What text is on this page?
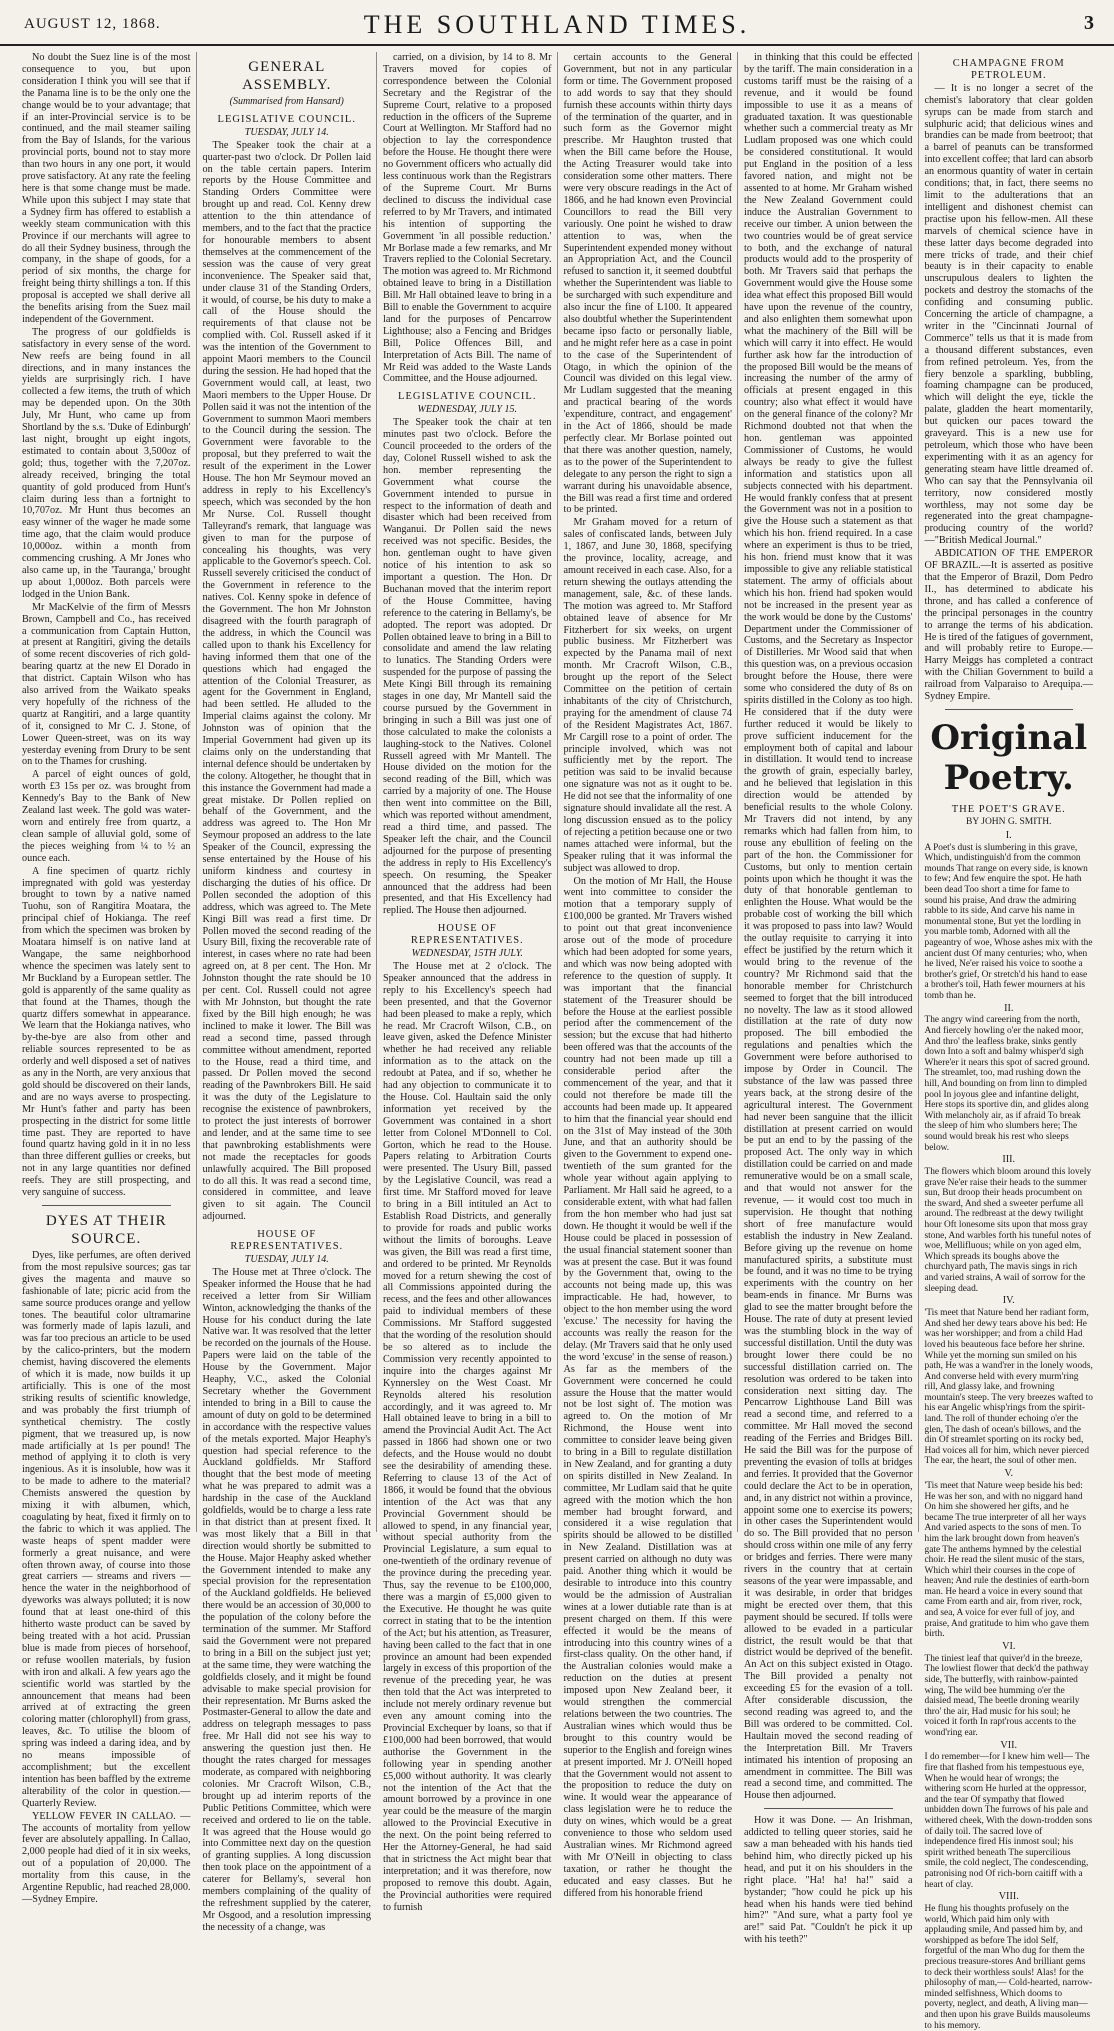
AUGUST 12, 1868.	THE SOUTHLAND TIMES.	3

No doubt the Suez line is of the most consequence to you, but upon consideration I think you will see that if the Panama line is to be the only one the change would be to your advantage; that if an inter-Provincial service is to be continued, and the mail steamer sailing from the Bay of Islands, for the various provincial ports, bound not to stay more than two hours in any one port, it would prove satisfactory. At any rate the feeling here is that some change must be made. While upon this subject I may state that a Sydney firm has offered to establish a weekly steam communication with this Province if our merchants will agree to do all their Sydney business, through the company, in the shape of goods, for a period of six months, the charge for freight being thirty shillings a ton. If this proposal is accepted we shall derive all the benefits arising from the Suez mail independent of the Government.

The progress of our goldfields is satisfactory in every sense of the word. New reefs are being found in all directions, and in many instances the yields are surprisingly rich. I have collected a few items, the truth of which may be depended upon. On the 30th July, Mr Hunt, who came up from Shortland by the s.s. 'Duke of Edinburgh' last night, brought up eight ingots, estimated to contain about 3,500oz of gold; thus, together with the 7,207oz. already received, bringing the total quantity of gold produced from Hunt's claim during less than a fortnight to 10,707oz. Mr Hunt thus becomes an easy winner of the wager he made some time ago, that the claim would produce 10,000oz. within a month from commencing crushing. A Mr Jones who also came up, in the 'Tauranga,' brought up about 1,000oz. Both parcels were lodged in the Union Bank.

Mr MacKelvie of the firm of Messrs Brown, Campbell and Co., has received a communication from Captain Hutton, at present at Rangitiri, giving the details of some recent discoveries of rich gold-bearing quartz at the new El Dorado in that district. Captain Wilson who has also arrived from the Waikato speaks very hopefully of the richness of the quartz at Rangitiri, and a large quantity of it, consigned to Mr C. J. Stone, of Lower Queen-street, was on its way yesterday evening from Drury to be sent on to the Thames for crushing.

A parcel of eight ounces of gold, worth £3 15s per oz. was brought from Kennedy's Bay to the Bank of New Zealand last week. The gold was water-worn and entirely free from quartz, a clean sample of alluvial gold, some of the pieces weighing from ¼ to ½ an ounce each.

A fine specimen of quartz richly impregnated with gold was yesterday brought to town by a native named Tuohu, son of Rangitira Moatara, the principal chief of Hokianga. The reef from which the specimen was broken by Moatara himself is on native land at Wangape, the same neighborhood whence the specimen was lately sent to Mr Buckland by a European settler. The gold is apparently of the same quality as that found at the Thames, though the quartz differs somewhat in appearance. We learn that the Hokianga natives, who by-the-bye are also from other and reliable sources represented to be as orderly and well disposed a set of natives as any in the North, are very anxious that gold should be discovered on their lands, and are no ways averse to prospecting. Mr Hunt's father and party has been prospecting in the district for some little time past. They are reported to have found quartz having gold in it in no less than three different gullies or creeks, but not in any large quantities nor defined reefs. They are still prospecting, and very sanguine of success.

DYES AT THEIR SOURCE.

Dyes, like perfumes, are often derived from the most repulsive sources; gas tar gives the magenta and mauve so fashionable of late; picric acid from the same source produces orange and yellow tones. The beautiful color ultramarine was formerly made of lapis lazuli, and was far too precious an article to be used by the calico-printers, but the modern chemist, having discovered the elements of which it is made, now builds it up artificially. This is one of the most striking results of scientific knowledge, and was probably the first triumph of synthetical chemistry. The costly pigment, that we treasured up, is now made artificially at 1s per pound! The method of applying it to cloth is very ingenious. As it is insoluble, how was it to be made to adhere to the material? Chemists answered the question by mixing it with albumen, which, coagulating by heat, fixed it firmly on to the fabric to which it was applied. The waste heaps of spent madder were formerly a great nuisance, and were often thrown away, of course into those great carriers — streams and rivers — hence the water in the neighborhood of dyeworks was always polluted; it is now found that at least one-third of this hitherto waste product can be saved by being treated with a hot acid. Prussian blue is made from pieces of horsehoof, or refuse woollen materials, by fusion with iron and alkali. A few years ago the scientific world was startled by the announcement that means had been arrived at of extracting the green coloring matter (chlorophyll) from grass, leaves, &c. To utilise the bloom of spring was indeed a daring idea, and by no means impossible of accomplishment; but the excellent intention has been baffled by the extreme alterability of the color in question.—Quarterly Review.

YELLOW FEVER IN CALLAO. — The accounts of mortality from yellow fever are absolutely appalling. In Callao, 2,000 people had died of it in six weeks, out of a population of 20,000. The mortality from this cause, in the Argentine Republic, had reached 28,000.—Sydney Empire.

GENERAL ASSEMBLY.

(Summarised from Hansard)

LEGISLATIVE COUNCIL.

TUESDAY, JULY 14.

The Speaker took the chair at a quarter-past two o'clock. Dr Pollen laid on the table certain papers. Interim reports by the House Committee and Standing Orders Committee were brought up and read. Col. Kenny drew attention to the thin attendance of members, and to the fact that the practice for honourable members to absent themselves at the commencement of the session was the cause of very great inconvenience. The Speaker said that, under clause 31 of the Standing Orders, it would, of course, be his duty to make a call of the House should the requirements of that clause not be complied with. Col. Russell asked if it was the intention of the Government to appoint Maori members to the Council during the session. He had hoped that the Government would call, at least, two Maori members to the Upper House. Dr Pollen said it was not the intention of the Government to summon Maori members to the Council during the session. The Government were favorable to the proposal, but they preferred to wait the result of the experiment in the Lower House. The hon Mr Seymour moved an address in reply to his Excellency's speech, which was seconded by the hon Mr Nurse. Col. Russell thought Talleyrand's remark, that language was given to man for the purpose of concealing his thoughts, was very applicable to the Governor's speech. Col. Russell severely criticised the conduct of the Government in reference to the natives. Col. Kenny spoke in defence of the Government. The hon Mr Johnston disagreed with the fourth paragraph of the address, in which the Council was called upon to thank his Excellency for having informed them that one of the questions which had engaged the attention of the Colonial Treasurer, as agent for the Government in England, had been settled. He alluded to the Imperial claims against the colony. Mr Johnston was of opinion that the Imperial Government had given up its claims only on the understanding that internal defence should be undertaken by the colony. Altogether, he thought that in this instance the Government had made a great mistake. Dr Pollen replied on behalf of the Government, and the address was agreed to. The Hon Mr Seymour proposed an address to the late Speaker of the Council, expressing the sense entertained by the House of his uniform kindness and courtesy in discharging the duties of his office. Dr Pollen seconded the adoption of this address, which was agreed to. The Mete Kingi Bill was read a first time. Dr Pollen moved the second reading of the Usury Bill, fixing the recoverable rate of interest, in cases where no rate had been agreed on, at 8 per cent. The Hon. Mr Johnston thought the rate should be 10 per cent. Col. Russell could not agree with Mr Johnston, but thought the rate fixed by the Bill high enough; he was inclined to make it lower. The Bill was read a second time, passed through committee without amendment, reported to the House, read a third time, and passed. Dr Pollen moved the second reading of the Pawnbrokers Bill. He said it was the duty of the Legislature to recognise the existence of pawnbrokers, to protect the just interests of borrower and lender, and at the same time to see that pawnbroking establishments were not made the receptacles for goods unlawfully acquired. The Bill proposed to do all this. It was read a second time, considered in committee, and leave given to sit again. The Council adjourned.

HOUSE OF REPRESENTATIVES.

TUESDAY, JULY 14.

The House met at Three o'clock. The Speaker informed the House that he had received a letter from Sir William Winton, acknowledging the thanks of the House for his conduct during the late Native war. It was resolved that the letter be recorded on the journals of the House. Papers were laid on the table of the House by the Government. Major Heaphy, V.C., asked the Colonial Secretary whether the Government intended to bring in a Bill to cause the amount of duty on gold to be determined in accordance with the respective values of the metals exported. Major Heaphy's question had special reference to the Auckland goldfields. Mr Stafford thought that the best mode of meeting what he was prepared to admit was a hardship in the case of the Auckland goldfields, would be to charge a less rate in that district than at present fixed. It was most likely that a Bill in that direction would shortly be submitted to the House. Major Heaphy asked whether the Government intended to make any special provision for the representation of the Auckland goldfields. He believed there would be an accession of 30,000 to the population of the colony before the termination of the summer. Mr Stafford said the Government were not prepared to bring in a Bill on the subject just yet; at the same time, they were watching the goldfields closely, and it might be found advisable to make special provision for their representation. Mr Burns asked the Postmaster-General to allow the date and address on telegraph messages to pass free. Mr Hall did not see his way to answering the question just then. He thought the rates charged for messages moderate, as compared with neighboring colonies. Mr Cracroft Wilson, C.B., brought up ad interim reports of the Public Petitions Committee, which were received and ordered to lie on the table. It was agreed that the House would go into Committee next day on the question of granting supplies. A long discussion then took place on the appointment of a caterer for Bellamy's, several hon members complaining of the quality of the refreshment supplied by the caterer, Mr Osgood, and a resolution impressing the necessity of a change, was

carried, on a division, by 14 to 8. Mr Travers moved for copies of correspondence between the Colonial Secretary and the Registrar of the Supreme Court, relative to a proposed reduction in the officers of the Supreme Court at Wellington. Mr Stafford had no objection to lay the correspondence before the House. He thought there were no Government officers who actually did less continuous work than the Registrars of the Supreme Court. Mr Burns declined to discuss the individual case referred to by Mr Travers, and intimated his intention of supporting the Government 'in all possible reduction.' Mr Borlase made a few remarks, and Mr Travers replied to the Colonial Secretary. The motion was agreed to. Mr Richmond obtained leave to bring in a Distillation Bill. Mr Hall obtained leave to bring in a Bill to enable the Government to acquire land for the purposes of Pencarrow Lighthouse; also a Fencing and Bridges Bill, Police Offences Bill, and Interpretation of Acts Bill. The name of Mr Reid was added to the Waste Lands Committee, and the House adjourned.

LEGISLATIVE COUNCIL.

WEDNESDAY, JULY 15.

The Speaker took the chair at ten minutes past two o'clock. Before the Council proceeded to the orders of the day, Colonel Russell wished to ask the hon. member representing the Government what course the Government intended to pursue in respect to the information of death and disaster which had been received from Wanganui. Dr Pollen said the news received was not specific. Besides, the hon. gentleman ought to have given notice of his intention to ask so important a question. The Hon. Dr Buchanan moved that the interim report of the House Committee, having reference to the catering in Bellamy's, be adopted. The report was adopted. Dr Pollen obtained leave to bring in a Bill to consolidate and amend the law relating to lunatics. The Standing Orders were suspended for the purpose of passing the Mete Kingi Bill through its remaining stages in one day, Mr Mantell said the course pursued by the Government in bringing in such a Bill was just one of those calculated to make the colonists a laughing-stock to the Natives. Colonel Russell agreed with Mr Mantell. The House divided on the motion for the second reading of the Bill, which was carried by a majority of one. The House then went into committee on the Bill, which was reported without amendment, read a third time, and passed. The Speaker left the chair, and the Council adjourned for the purpose of presenting the address in reply to His Excellency's speech. On resuming, the Speaker announced that the address had been presented, and that His Excellency had replied. The House then adjourned.

HOUSE OF REPRESENTATIVES.

WEDNESDAY, 15TH JULY.

The House met at 2 o'clock. The Speaker announced that the address in reply to his Excellency's speech had been presented, and that the Governor had been pleased to make a reply, which he read. Mr Cracroft Wilson, C.B., on leave given, asked the Defence Minister whether he had received any reliable information as to the attack on the redoubt at Patea, and if so, whether he had any objection to communicate it to the House. Col. Haultain said the only information yet received by the Government was contained in a short letter from Colonel M'Donnell to Col. Gorton, which he read to the House. Papers relating to Arbitration Courts were presented. The Usury Bill, passed by the Legislative Council, was read a first time. Mr Stafford moved for leave to bring in a Bill intituled an Act to Establish Road Districts, and generally to provide for roads and public works without the limits of boroughs. Leave was given, the Bill was read a first time, and ordered to be printed. Mr Reynolds moved for a return shewing the cost of all Commissions appointed during the recess, and the fees and other allowances paid to individual members of these Commissions. Mr Stafford suggested that the wording of the resolution should be so altered as to include the Commission very recently appointed to inquire into the charges against Mr Kynnersley on the West Coast. Mr Reynolds altered his resolution accordingly, and it was agreed to. Mr Hall obtained leave to bring in a bill to amend the Provincial Audit Act. The Act passed in 1866 had shown one or two defects, and the House would no doubt see the desirability of amending these. Referring to clause 13 of the Act of 1866, it would be found that the obvious intention of the Act was that any Provincial Government should be allowed to spend, in any financial year, without special authority from the Provincial Legislature, a sum equal to one-twentieth of the ordinary revenue of the province during the preceding year. Thus, say the revenue to be £100,000, there was a margin of £5,000 given to the Executive. He thought he was quite correct in stating that to be the intention of the Act; but his attention, as Treasurer, having been called to the fact that in one province an amount had been expended largely in excess of this proportion of the revenue of the preceding year, he was then told that the Act was interpreted to include not merely ordinary revenue but even any amount coming into the Provincial Exchequer by loans, so that if £100,000 had been borrowed, that would authorise the Government in the following year in spending another £5,000 without authority. It was clearly not the intention of the Act that the amount borrowed by a province in one year could be the measure of the margin allowed to the Provincial Executive in the next. On the point being referred to Her the Attorney-General, he had said that in strictness the Act might bear that interpretation; and it was therefore, now proposed to remove this doubt. Again, the Provincial authorities were required to furnish

certain accounts to the General Government, but not in any particular form or time. The Government proposed to add words to say that they should furnish these accounts within thirty days of the termination of the quarter, and in such form as the Governor might prescribe. Mr Haughton trusted that when the Bill came before the House, the Acting Treasurer would take into consideration some other matters. There were very obscure readings in the Act of 1866, and he had known even Provincial Councillors to read the Bill very variously. One point he wished to draw attention to was, when the Superintendent expended money without an Appropriation Act, and the Council refused to sanction it, it seemed doubtful whether the Superintendent was liable to be surcharged with such expenditure and also incur the fine of L100. It appeared also doubtful whether the Superintendent became ipso facto or personally liable, and he might refer here as a case in point to the case of the Superintendent of Otago, in which the opinion of the Council was divided on this legal view. Mr Ludlam suggested that the meaning and practical bearing of the words 'expenditure, contract, and engagement' in the Act of 1866, should be made perfectly clear. Mr Borlase pointed out that there was another question, namely, as to the power of the Superintendent to delegate to any person the right to sign a warrant during his unavoidable absence, the Bill was read a first time and ordered to be printed.

Mr Graham moved for a return of sales of confiscated lands, between July 1, 1867, and June 30, 1868, specifying the province, locality, acreage, and amount received in each case. Also, for a return shewing the outlays attending the management, sale, &c. of these lands. The motion was agreed to. Mr Stafford obtained leave of absence for Mr Fitzherbert for six weeks, on urgent public business. Mr Fitzherbert was expected by the Panama mail of next month. Mr Cracroft Wilson, C.B., brought up the report of the Select Committee on the petition of certain inhabitants of the city of Christchurch, praying for the amendment of clause 74 of the Resident Magistrates Act, 1867. Mr Cargill rose to a point of order. The principle involved, which was not sufficiently met by the report. The petition was said to be invalid because one signature was not as it ought to be. He did not see that the informality of one signature should invalidate all the rest. A long discussion ensued as to the policy of rejecting a petition because one or two names attached were informal, but the Speaker ruling that it was informal the subject was allowed to drop.

On the motion of Mr Hall, the House went into committee to consider the motion that a temporary supply of £100,000 be granted. Mr Travers wished to point out that great inconvenience arose out of the mode of procedure which had been adopted for some years, and which was now being adopted with reference to the question of supply. It was important that the financial statement of the Treasurer should be before the House at the earliest possible period after the commencement of the session; but the excuse that had hitherto been offered was that the accounts of the country had not been made up till a considerable period after the commencement of the year, and that it could not therefore be made till the accounts had been made up. It appeared to him that the financial year should end on the 31st of May instead of the 30th June, and that an authority should be given to the Government to expend one-twentieth of the sum granted for the whole year without again applying to Parliament. Mr Hall said he agreed, to a considerable extent, with what had fallen from the hon member who had just sat down. He thought it would be well if the House could be placed in possession of the usual financial statement sooner than was at present the case. But it was found by the Government that, owing to the accounts not being made up, this was impracticable. He had, however, to object to the hon member using the word 'excuse.' The necessity for having the accounts was really the reason for the delay. (Mr Travers said that he only used the word 'excuse' in the sense of reason.) As far as the members of the Government were concerned he could assure the House that the matter would not be lost sight of. The motion was agreed to. On the motion of Mr Richmond, the House went into committee to consider leave being given to bring in a Bill to regulate distillation in New Zealand, and for granting a duty on spirits distilled in New Zealand. In committee, Mr Ludlam said that he quite agreed with the motion which the hon member had brought forward, and considered it a wise regulation that spirits should be allowed to be distilled in New Zealand. Distillation was at present carried on although no duty was paid. Another thing which it would be desirable to introduce into this country would be the admission of Australian wines at a lower dutiable rate than is at present charged on them. If this were effected it would be the means of introducing into this country wines of a first-class quality. On the other hand, if the Australian colonies would make a reduction on the duties at present imposed upon New Zealand beer, it would strengthen the commercial relations between the two countries. The Australian wines which would thus be brought to this country would be superior to the English and foreign wines at present imported. Mr J. O'Neill hoped that the Government would not assent to the proposition to reduce the duty on wine. It would wear the appearance of class legislation were he to reduce the duty on wines, which would be a great convenience to those who seldom used Australian wines. Mr Richmond agreed with Mr O'Neill in objecting to class taxation, or rather he thought the educated and easy classes. But he differed from his honorable friend

in thinking that this could be effected by the tariff. The main consideration in a customs tariff must be the raising of a revenue, and it would be found impossible to use it as a means of graduated taxation. It was questionable whether such a commercial treaty as Mr Ludlam proposed was one which could be considered constitutional. It would put England in the position of a less favored nation, and might not be assented to at home. Mr Graham wished the New Zealand Government could induce the Australian Government to receive our timber. A union between the two countries would be of great service to both, and the exchange of natural products would add to the prosperity of both. Mr Travers said that perhaps the Government would give the House some idea what effect this proposed Bill would have upon the revenue of the country, and also enlighten them somewhat upon what the machinery of the Bill will be which will carry it into effect. He would further ask how far the introduction of the proposed Bill would be the means of increasing the number of the army of officials at present engaged in this country; also what effect it would have on the general finance of the colony? Mr Richmond doubted not that when the hon. gentleman was appointed Commissioner of Customs, he would always be ready to give the fullest information and statistics upon all subjects connected with his department. He would frankly confess that at present the Government was not in a position to give the House such a statement as that which his hon. friend required. In a case where an experiment is thus to be tried, his hon. friend must know that it was impossible to give any reliable statistical statement. The army of officials about which his hon. friend had spoken would not be increased in the present year as the work would be done by the Customs' Department under the Commissioner of Customs, and the Secretary as Inspector of Distilleries. Mr Wood said that when this question was, on a previous occasion brought before the House, there were some who considered the duty of 8s on spirits distilled in the Colony as too high. He considered that if the duty were further reduced it would be likely to prove sufficient inducement for the employment both of capital and labour in distillation. It would tend to increase the growth of grain, especially barley, and he believed that legislation in this direction would be attended by beneficial results to the whole Colony. Mr Travers did not intend, by any remarks which had fallen from him, to rouse any ebullition of feeling on the part of the hon. the Commissioner for Customs, but only to mention certain points upon which he thought it was the duty of that honorable gentleman to enlighten the House. What would be the probable cost of working the bill which it was proposed to pass into law? Would the outlay requisite to carrying it into effect be justified by the return which it would bring to the revenue of the country? Mr Richmond said that the honorable member for Christchurch seemed to forget that the bill introduced no novelty. The law as it stood allowed distillation at the rate of duty now proposed. The bill embodied the regulations and penalties which the Government were before authorised to impose by Order in Council. The substance of the law was passed three years back, at the strong desire of the agricultural interest. The Government had never been sanguine that the illicit distillation at present carried on would be put an end to by the passing of the proposed Act. The only way in which distillation could be carried on and made remunerative would be on a small scale, and that would not answer for the revenue, — it would cost too much in supervision. He thought that nothing short of free manufacture would establish the industry in New Zealand. Before giving up the revenue on home manufactured spirits, a substitute must be found, and it was no time to be trying experiments with the country on her beam-ends in finance. Mr Burns was glad to see the matter brought before the House. The rate of duty at present levied was the stumbling block in the way of successful distillation. Until the duty was brought lower there could be no successful distillation carried on. The resolution was ordered to be taken into consideration next sitting day. The Pencarrow Lighthouse Land Bill was read a second time, and referred to a committee. Mr Hall moved the second reading of the Ferries and Bridges Bill. He said the Bill was for the purpose of preventing the evasion of tolls at bridges and ferries. It provided that the Governor could declare the Act to be in operation, and, in any district not within a province, appoint some one to exercise its powers; in other cases the Superintendent would do so. The Bill provided that no person should cross within one mile of any ferry or bridges and ferries. There were many rivers in the country that at certain seasons of the year were impassable, and it was desirable, in order that bridges might be erected over them, that this payment should be secured. If tolls were allowed to be evaded in a particular district, the result would be that that district would be deprived of the benefit. An Act on this subject existed in Otago. The Bill provided a penalty not exceeding £5 for the evasion of a toll. After considerable discussion, the second reading was agreed to, and the Bill was ordered to be committed. Col. Haultain moved the second reading of the Interpretation Bill. Mr Travers intimated his intention of proposing an amendment in committee. The Bill was read a second time, and committed. The House then adjourned.

How it was Done. — An Irishman, addicted to telling queer stories, said he saw a man beheaded with his hands tied behind him, who directly picked up his head, and put it on his shoulders in the right place. "Ha! ha! ha!" said a bystander; "how could he pick up his head when his hands were tied behind him?" "And sure, what a party fool ye are!" said Pat. "Couldn't he pick it up with his teeth?"

CHAMPAGNE FROM PETROLEUM.

— It is no longer a secret of the chemist's laboratory that clear golden syrups can be made from starch and sulphuric acid; that delicious wines and brandies can be made from beetroot; that a barrel of peanuts can be transformed into excellent coffee; that lard can absorb an enormous quantity of water in certain conditions; that, in fact, there seems no limit to the adulterations that an intelligent and dishonest chemist can practise upon his fellow-men. All these marvels of chemical science have in these latter days become degraded into mere tricks of trade, and their chief beauty is in their capacity to enable unscrupulous dealers to lighten the pockets and destroy the stomachs of the confiding and consuming public. Concerning the article of champagne, a writer in the "Cincinnati Journal of Commerce" tells us that it is made from a thousand different substances, even from refined petroleum. Yes, from the fiery benzole a sparkling, bubbling, foaming champagne can be produced, which will delight the eye, tickle the palate, gladden the heart momentarily, but quicken our paces toward the graveyard. This is a new use for petroleum, which those who have been experimenting with it as an agency for generating steam have little dreamed of. Who can say that the Pennsylvania oil territory, now considered mostly worthless, may not some day be regenerated into the great champagne-producing country of the world?—"British Medical Journal."

ABDICATION OF THE EMPEROR OF BRAZIL.—It is asserted as positive that the Emperor of Brazil, Dom Pedro II., has determined to abdicate his throne, and has called a conference of the principal personages in the country to arrange the terms of his abdication. He is tired of the fatigues of government, and will probably retire to Europe.—Harry Meiggs has completed a contract with the Chilian Government to build a railroad from Valparaiso to Arequipa.—Sydney Empire.

Original Poetry.

THE POET'S GRAVE.

BY JOHN G. SMITH.

I.

A Poet's dust is slumbering in this grave, Which, undistinguish'd from the common mounds That range on every side, is known to few; And few enquire the spot. He hath been dead Too short a time for fame to sound his praise, And draw the admiring rabble to its side, And carve his name in monumental stone, But yet the lordling in you marble tomb, Adorned with all the pageantry of woe, Whose ashes mix with the ancient dust Of many centuries; who, when he lived, Ne'er raised his voice to soothe a brother's grief, Or stretch'd his hand to ease a brother's toil, Hath fewer mourners at his tomb than he.

II.

The angry wind careering from the north, And fiercely howling o'er the naked moor, And thro' the leafless brake, sinks gently down Into a soft and balmy whisper'd sigh Where'er it nears this spot of sacred ground. The streamlet, too, mad rushing down the hill, And bounding on from linn to dimpled pool In joyous glee and infantine delight, Here stops its sportive din, and glides along With melancholy air, as if afraid To break the sleep of him who slumbers here; The sound would break his rest who sleeps below.

III.

The flowers which bloom around this lovely grave Ne'er raise their heads to the summer sun, But droop their heads procumbent on the sward, And shed a sweeter perfume all around. The redbreast at the dewy twilight hour Oft lonesome sits upon that moss gray stone, And warbles forth his tuneful notes of woe, Mellifluous; while on yon aged elm, Which spreads its boughs above the churchyard path, The mavis sings in rich and varied strains, A wail of sorrow for the sleeping dead.

IV.

'Tis meet that Nature bend her radiant form, And shed her dewy tears above his bed: He was her worshipper; and from a child Had loved his beauteous face before her shrine. While yet the morning sun smiled on his path, He was a wand'rer in the lonely woods, And converse held with every murm'ring rill, And glassy lake, and frowning mountain's steep. The very breezes wafted to his ear Angelic whisp'rings from the spirit-land. The roll of thunder echoing o'er the glen, The dash of ocean's billows, and the din Of streamlet sporting on its rocky bed, Had voices all for him, which never pierced The ear, the heart, the soul of other men.

V.

'Tis meet that Nature weep beside his bed: He was her son, and with no niggard hand On him she showered her gifts, and he became The true interpreter of all her ways And varied aspects to the sons of men. To him the lark brought down from heaven's gate The anthems hymned by the celestial choir. He read the silent music of the stars, Which whirl their courses in the cope of heaven; And rule the destinies of earth-born man. He heard a voice in every sound that came From earth and air, from river, rock, and sea, A voice for ever full of joy, and praise, And gratitude to him who gave them birth.

VI.

The tiniest leaf that quiver'd in the breeze, The lowliest flower that deck'd the pathway side, The butterfly, with rainbow-painted wing, The wild bee humming o'er the daisied mead, The beetle droning wearily thro' the air, Had music for his soul; he voiced it forth In rapt'rous accents to the wond'ring ear.

VII.

I do remember—for I knew him well— The fire that flashed from his tempestuous eye, When he would hear of wrongs; the withering scorn He hurled at the oppressor, and the tear Of sympathy that flowed unbidden down The furrows of his pale and withered cheek, With the down-trodden sons of daily toil. The sacred love of independence fired His inmost soul; his spirit writhed beneath The supercilious smile, the cold neglect, The condescending, patronising nod Of rich-born caitiff with a heart of clay.

VIII.

He flung his thoughts profusely on the world, Which paid him only with applauding smile, And passed him by, and worshipped as before The idol Self, forgetful of the man Who dug for them the precious treasure-stores And brilliant gems to deck their worthless souls! Alas! for the philosophy of man,— Cold-hearted, narrow-minded selfishness, Which dooms to poverty, neglect, and death, A living man—and then upon his grave Builds mausoleums to his memory.
